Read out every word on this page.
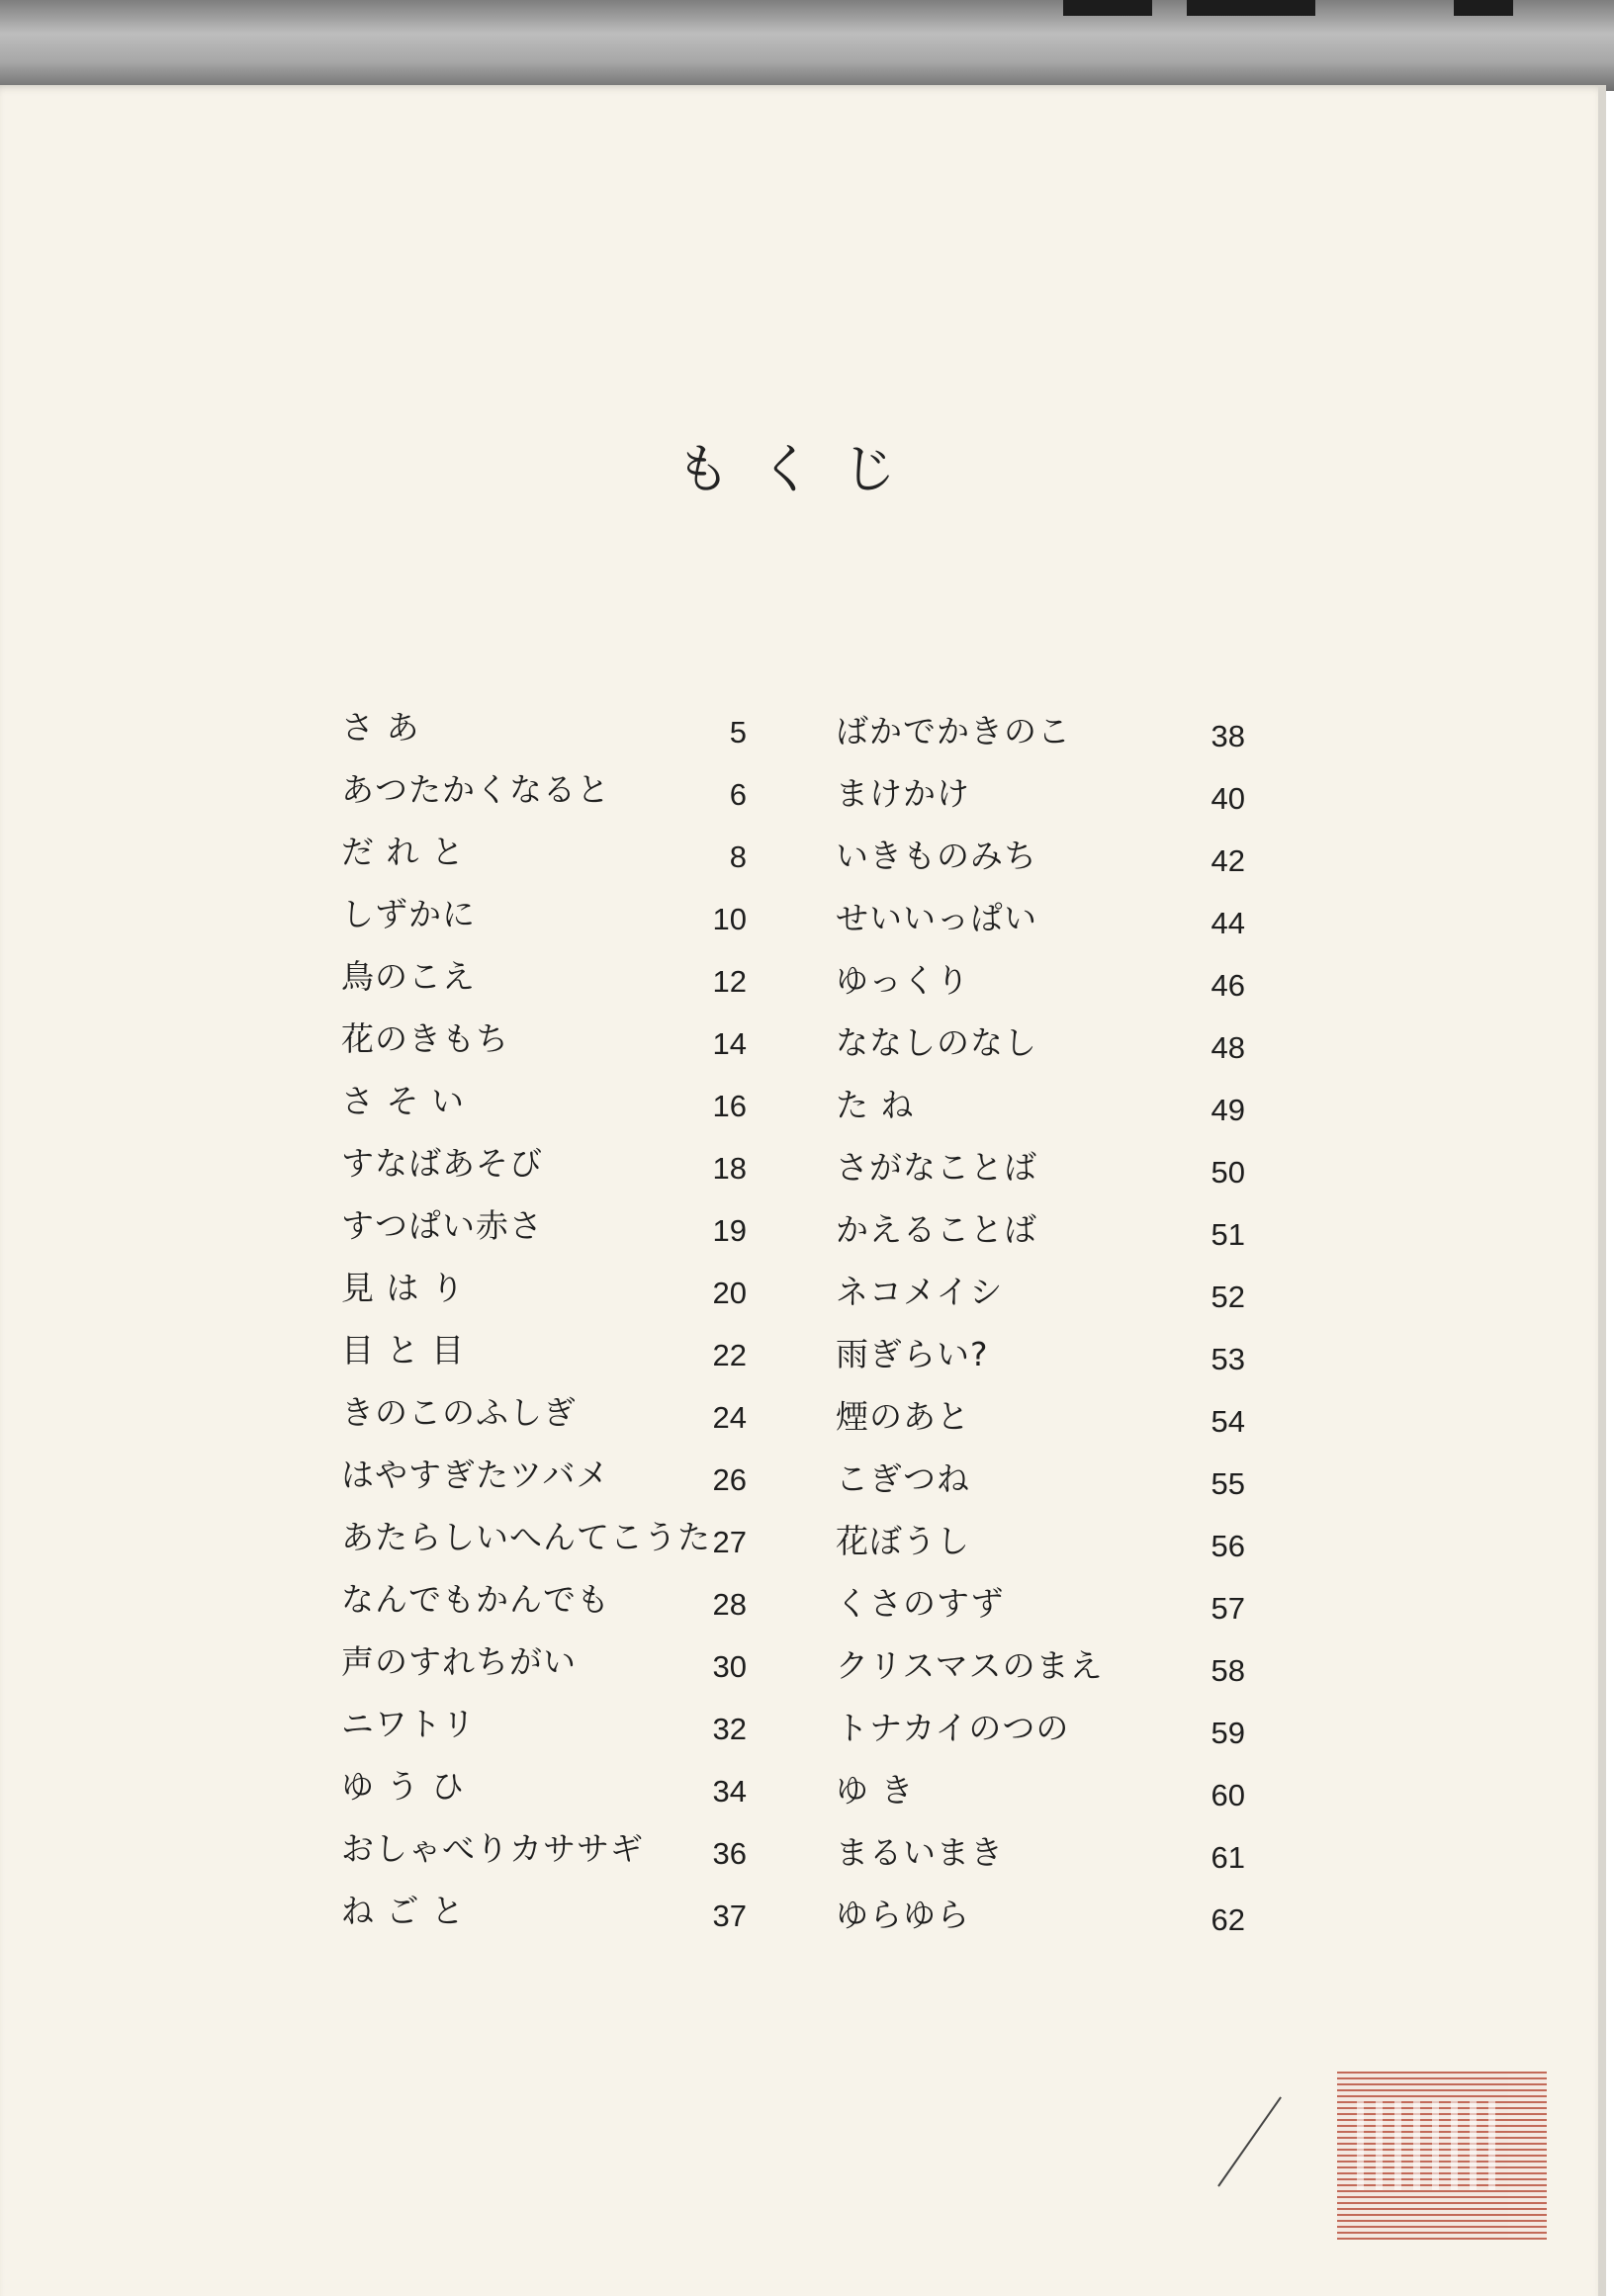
もくじ
さ あ	5
あつたかくなると	6
だ れ と	8
しずかに	10
鳥のこえ	12
花のきもち	14
さ そ い	16
すなばあそび	18
すつぱい赤さ	19
見 は り	20
目 と 目	22
きのこのふしぎ	24
はやすぎたツバメ	26
あたらしいへんてこうた 27
なんでもかんでも	28
声のすれちがい	30
ニワトリ	32
ゆ う ひ	34
おしゃべりカササギ 36
ね ご と	37
ばかでかきのこ	38
まけかけ	40
いきものみち	42
せいいっぱい	44
ゆっくり	46
ななしのなし	48
た ね	49
さがなことば	50
かえることば	51
ネコメイシ	52
雨ぎらい?	53
煙のあと	54
こぎつね	55
花ぼうし	56
くさのすず	57
クリスマスのまえ	58
トナカイのつの	59
ゆ き	60
まるいまき	61
ゆらゆら	62
